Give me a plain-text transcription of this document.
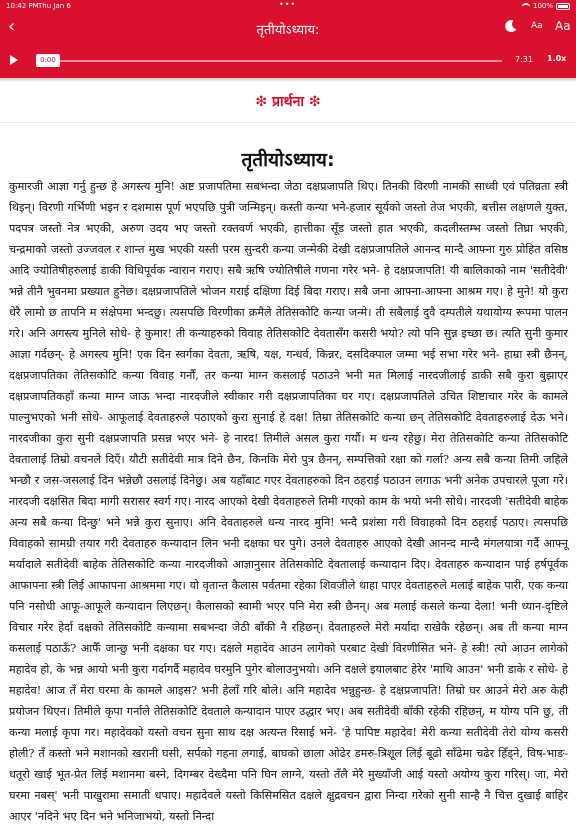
10:42 PM Thu Jan 6	•••	100%
‹	तृतीयोऽध्याय:	Aa Aa
0:00	7:31 1.0x
❇ प्रार्थना ❇
तृतीयोऽध्याय:
कुमारजी आज्ञा गर्नु हुन्छ हे अगस्त्य मुनि! अष्ट प्रजापतिमा सबभन्दा जेठा दक्षप्रजापति थिए। तिनकी विरणी नामकी साध्वी एवं पतिव्रता स्त्री थिइन्। विरणी गर्भिणी भइन र दशमास पूर्ण भएपछि पुत्री जन्मिइन्। कस्ती कन्या भने-हजार सूर्यको जस्तो तेज भएकी, बत्तीस लक्षणले युक्त, पदपत्र जस्तो नेत्र भएकी, अरुण उदय भए जस्तो रक्तवर्ण भएकी, हात्तीका सूँड जस्तो हात भएकी, कदलीस्तम्भ जस्तो तिघ्रा भएकी, चन्द्रमाको जस्तो उज्जवल र शान्त मुख भएकी यस्ती परम सुन्दरी कन्या जन्मेकी देखी दक्षप्रजापतिले आनन्द मान्दै आफ्ना गुरु प्रोहित वसिष्ठ आदि ज्योतिषीहरुलाई डाकी विधिपूर्वक न्वारान गराए। सबै ऋषि ज्योतिषीले गणना गरेर भने- हे दक्षप्रजापति! यी बालिकाको नाम 'सतीदेवी' भन्ने तीनै भुवनमा प्रख्यात हुनेछ। दक्षप्रजापतिले भोजन गराई दक्षिणा दिई बिदा गराए। सबै जना आफ्ना-आफ्ना आश्रम गए। हे मुने! यो कुरा धेरै लामो छ तापनि म संक्षेपमा भन्दछु। त्यसपछि विरणीका क्रमैले तेतिसकोटि कन्या जन्मे। ती सबैलाई दुवै दम्पतीले यथायोग्य रूपमा पालन गरे। अनि अगस्त्य मुनिले सोधे- हे कुमार! ती कन्याहरुको विवाह तेतिसकोटि देवतासँग कसरी भयो? त्यो पनि सुन्न इच्छा छ। त्यति सुनी कुमार आज्ञा गर्दछन्- हे अगस्त्य मुनि! एक दिन स्वर्गका देवता, ऋषि, यक्ष, गन्धर्व, किन्नर, दसदिक्पाल जम्मा भई सभा गरेर भने- हाम्रा स्त्री छैनन्, दक्षप्रजापतिका तेतिसकोटि कन्या विवाह गर्नौं, तर कन्या माग्न कसलाई पठाउने भनी मत मिलाई नारदजीलाई डाकी सबै कुरा बुझाएर दक्षप्रजापतिकहाँ कन्या माग्न जाऊ भन्दा नारदजीले स्वीकार गरी दक्षप्रजापतिका घर गए। दक्षप्रजापतिले उचित शिष्टाचार गरेर के कामले पाल्नुभएको भनी सोधे- आफूलाई देवताहरुले पठाएको कुरा सुनाई हे दक्ष! तिम्रा तेतिसकोटि कन्या छन् तेतिसकोटि देवताहरुलाई देऊ भने। नारदजीका कुरा सुनी दक्षप्रजापति प्रसन्न भएर भने- हे नारद! तिमीले असल कुरा गर्यौ। म धन्य रहेछु। मेरा तेतिसकोटि कन्या तेतिसकोटि देवतालाई तिम्रो वचनले दिएँ। यौटी सतीदेवी मात्र दिने छैन, किनकि मेरो पुत्र छैनन्, सम्पत्तिको रक्षा को गर्ला? अन्य सबै कन्या तिमी जहिले भन्छौ र जस-जसलाई दिन भन्नेछौ उसलाई दिनेछु। अब यहाँबाट गएर देवताहरुको दिन ठहराई पठाउन लगाऊ भनी अनेक उपचारले पूजा गरे। नारदजी दक्षसित बिदा मागी सरासर स्वर्ग गए। नारद आएको देखी देवताहरुले तिमी गएको काम के भयो भनी सोधे। नारदजी 'सतीदेवी बाहेक अन्य सबै कन्या दिन्छु' भने भन्ने कुरा सुनाए। अनि देवताहरुले धन्य नारद मुनि! भन्दै प्रशंसा गरी विवाहको दिन ठहराई पठाए। त्यसपछि विवाहको सामग्री तयार गरी देवताहरु कन्यादान लिन भनी दक्षका घर पुगे। उनले देवताहरु आएको देखी आनन्द मान्दै मंगलयात्रा गर्दै आफ्नू मर्यादाले सतीदेवी बाहेक तेतिसकोटि कन्या नारदजीको आज्ञानुसार तेतिसकोटि देवतालाई कन्यादान दिए। देवताहरु कन्यादान पाई हर्षपूर्वक आफापना स्त्री लिई आफापना आश्रममा गए। यो वृतान्त कैलास पर्वतमा रहेका शिवजीले थाहा पाएर देवताहरुले मलाई बाहेक पारी, एक कन्या पनि नसोधी आफू-आफूले कन्यादान लिएछन्। कैलासको स्वामी भएर पनि मेरा स्त्री छैनन्। अब मलाई कसले कन्या देला! भनी ध्यान-दृष्टिले विचार गरेर हेर्दा दक्षको तेतिसकोटि कन्यामा सबभन्दा जेठी बाँकी नै रहिछन्। देवताहरुले मेरो मर्यादा राखेकै रहेछन्। अब ती कन्या माग्न कसलाई पठाऊँ? आफैँ जान्छु भनी दक्षका घर गए। दक्षले महादेव आउन लागेको परबाट देखी विरणीसित भने- हे स्त्री! त्यो आउन लागेको महादेव हो, के भन्न आयो भनी कुरा गर्दागर्दै महादेव घरमुनि पुगेर बोलाउनुभयो। अनि दक्षले इयालबाट हेरेर 'माथि आउन' भनी डाके र सोधे- हे महादेव! आज तँ मेरा घरमा के कामले आइस? भनी हेलाँ गरि बोले। अनि महादेव भन्नुहुन्छ- हे दक्षप्रजापति! तिम्रो घर आउने मेरो अरु केही प्रयोजन थिएन। तिमीले कृपा गर्नाले तेतिसकोटि देवताले कन्यादान पाएर उद्धार भए। अब सतीदेवी बाँकी रहेकी रहिछन्, म योग्य पनि छु, ती कन्या मलाई कृपा गर। महादेवको यस्तो वचन सुना साथ दक्ष अत्यन्त रिसाई भने- 'हे पापिष्ट महादेव! मेरी कन्या सतीदेवी तेरो योग्य कसरी होली? तँ कस्तो भने मशानको खरानी घसी, सर्पको गहना लगाई, बाघको छाला ओढेर डमरु-त्रिशूल लिई बूढो साँढेमा चढेर हिँड्ने, विष-भाङ-धतूरो खाई भूत-प्रेत लिई मशानमा बस्ने, दिगम्बर देख्दैमा पनि घिन लाग्ने, यस्तो तँलै मेरै मुख्याँजी आई यस्तो अयोग्य कुरा गरिस्। जा, मेरो घरमा नबस्' भनी पाखुरामा समाती धपाए। महादेवले यस्तो किसिमसित दक्षले क्षुद्रवचन द्वारा निन्दा गरेको सुनी सान्है नै चित्त दुखाई बाहिर आएर 'नदिने भए दिन भने भनिजाभयो, यस्तो निन्दा
